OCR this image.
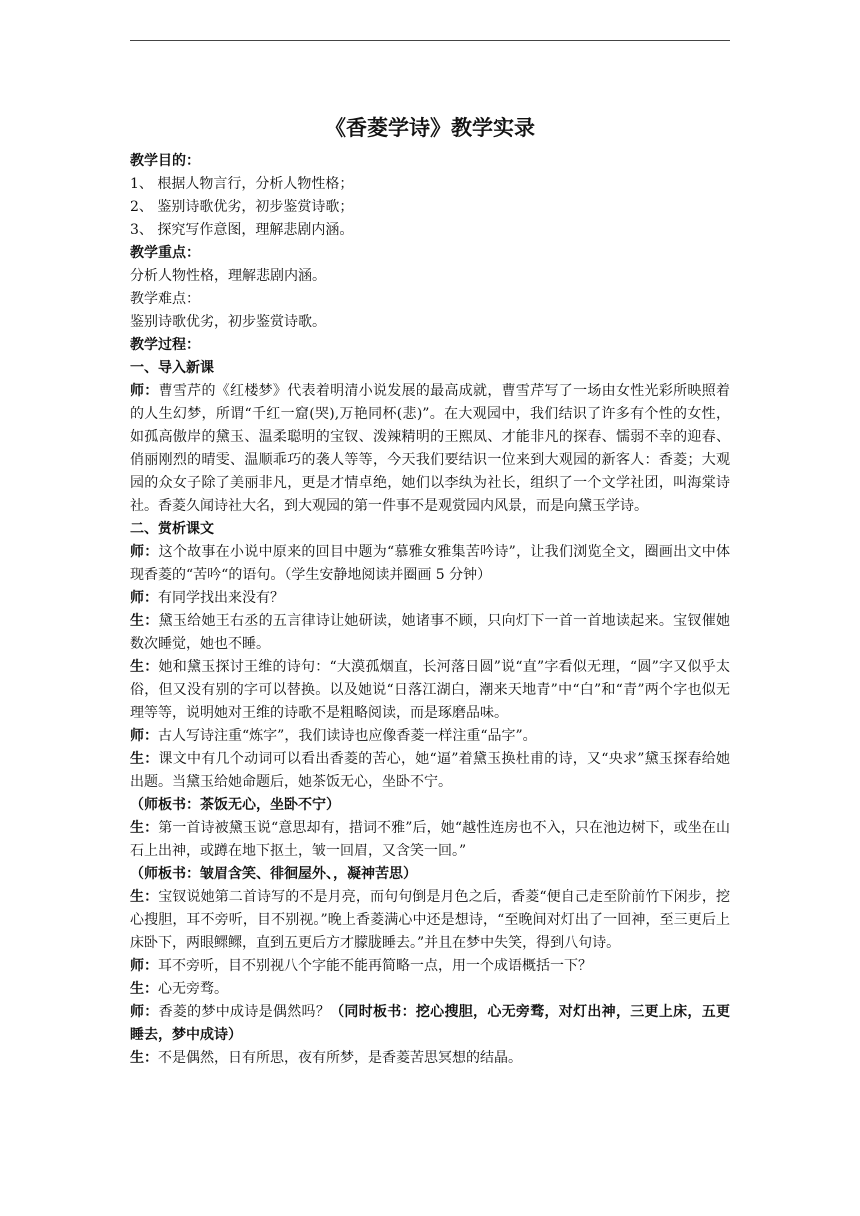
《香菱学诗》教学实录

教学目的：

1、 根据人物言行，分析人物性格；

2、 鉴别诗歌优劣，初步鉴赏诗歌；

3、 探究写作意图，理解悲剧内涵。

教学重点：

分析人物性格，理解悲剧内涵。

教学难点：

鉴别诗歌优劣，初步鉴赏诗歌。

教学过程：

一、导入新课

师：曹雪芹的《红楼梦》代表着明清小说发展的最高成就，曹雪芹写了一场由女性光彩所映照着的人生幻梦，所谓“千红一窟(哭),万艳同杯(悲)”。在大观园中，我们结识了许多有个性的女性，如孤高傲岸的黛玉、温柔聪明的宝钗、泼辣精明的王熙凤、才能非凡的探春、懦弱不幸的迎春、俏丽刚烈的晴雯、温顺乖巧的袭人等等，今天我们要结识一位来到大观园的新客人：香菱；大观园的众女子除了美丽非凡，更是才情卓绝，她们以李纨为社长，组织了一个文学社团，叫海棠诗社。香菱久闻诗社大名，到大观园的第一件事不是观赏园内风景，而是向黛玉学诗。

二、赏析课文

师：这个故事在小说中原来的回目中题为“慕雅女雅集苦吟诗”，让我们浏览全文，圈画出文中体现香菱的“苦吟“的语句。（学生安静地阅读并圈画 5 分钟）

师：有同学找出来没有？

生：黛玉给她王右丞的五言律诗让她研读，她诸事不顾，只向灯下一首一首地读起来。宝钗催她数次睡觉，她也不睡。

生：她和黛玉探讨王维的诗句：“大漠孤烟直，长河落日圆”说“直”字看似无理，“圆”字又似乎太俗，但又没有别的字可以替换。以及她说“日落江湖白，潮来天地青”中“白”和“青”两个字也似无理等等，说明她对王维的诗歌不是粗略阅读，而是琢磨品味。

师：古人写诗注重“炼字”，我们读诗也应像香菱一样注重“品字”。

生：课文中有几个动词可以看出香菱的苦心，她“逼”着黛玉换杜甫的诗，又“央求”黛玉探春给她出题。当黛玉给她命题后，她茶饭无心，坐卧不宁。

（师板书：茶饭无心，坐卧不宁）

生：第一首诗被黛玉说“意思却有，措词不雅”后，她“越性连房也不入，只在池边树下，或坐在山石上出神，或蹲在地下抠土，皱一回眉，又含笑一回。”

（师板书：皱眉含笑、徘徊屋外、，凝神苦思）

生：宝钗说她第二首诗写的不是月亮，而句句倒是月色之后，香菱“便自己走至阶前竹下闲步，挖心搜胆，耳不旁听，目不别视。”晚上香菱满心中还是想诗，“至晚间对灯出了一回神，至三更后上床卧下，两眼鳏鳏，直到五更后方才朦胧睡去。”并且在梦中失笑，得到八句诗。

师：耳不旁听，目不别视八个字能不能再简略一点，用一个成语概括一下？

生：心无旁骛。

师：香菱的梦中成诗是偶然吗？（同时板书：挖心搜胆，心无旁骛，对灯出神，三更上床，五更睡去，梦中成诗）

生：不是偶然，日有所思，夜有所梦，是香菱苦思冥想的结晶。
